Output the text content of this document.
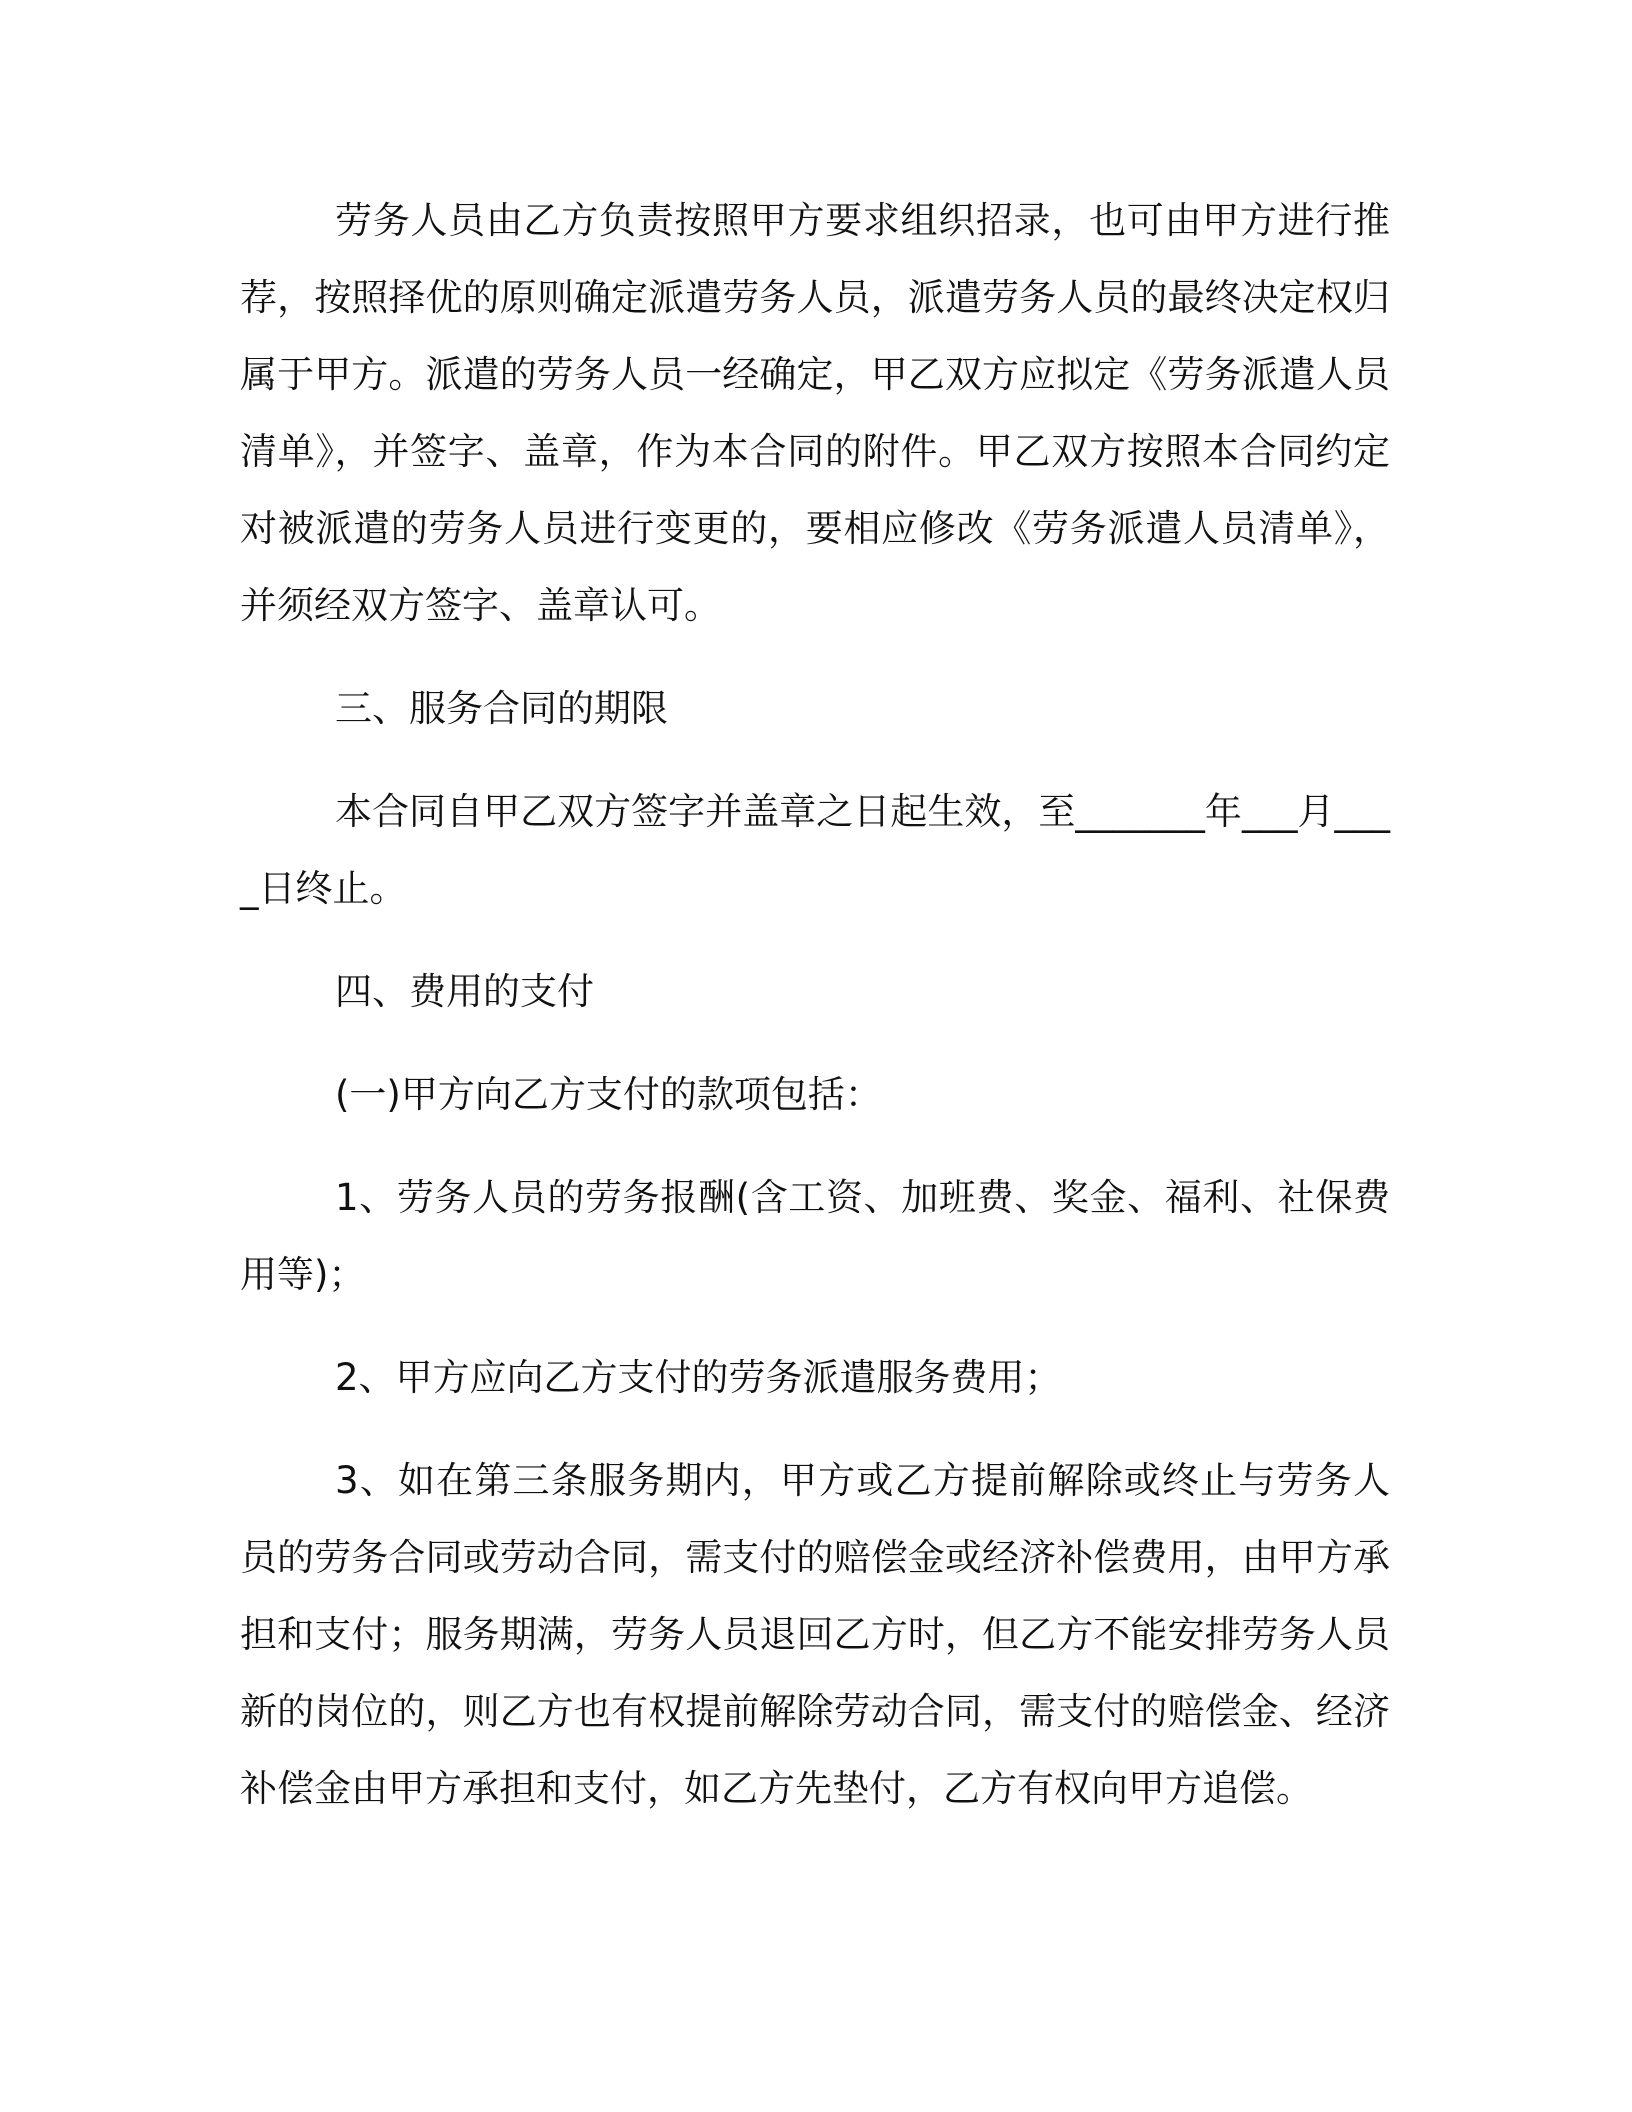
劳务人员由乙方负责按照甲方要求组织招录，也可由甲方进行推荐，按照择优的原则确定派遣劳务人员，派遣劳务人员的最终决定权归属于甲方。派遣的劳务人员一经确定，甲乙双方应拟定《劳务派遣人员清单》，并签字、盖章，作为本合同的附件。甲乙双方按照本合同约定对被派遣的劳务人员进行变更的，要相应修改《劳务派遣人员清单》，并须经双方签字、盖章认可。

三、服务合同的期限

本合同自甲乙双方签字并盖章之日起生效，至_______年___月____日终止。

四、费用的支付

(一)甲方向乙方支付的款项包括：

1、劳务人员的劳务报酬(含工资、加班费、奖金、福利、社保费用等)；

2、甲方应向乙方支付的劳务派遣服务费用；

3、如在第三条服务期内，甲方或乙方提前解除或终止与劳务人员的劳务合同或劳动合同，需支付的赔偿金或经济补偿费用，由甲方承担和支付；服务期满，劳务人员退回乙方时，但乙方不能安排劳务人员新的岗位的，则乙方也有权提前解除劳动合同，需支付的赔偿金、经济补偿金由甲方承担和支付，如乙方先垫付，乙方有权向甲方追偿。
